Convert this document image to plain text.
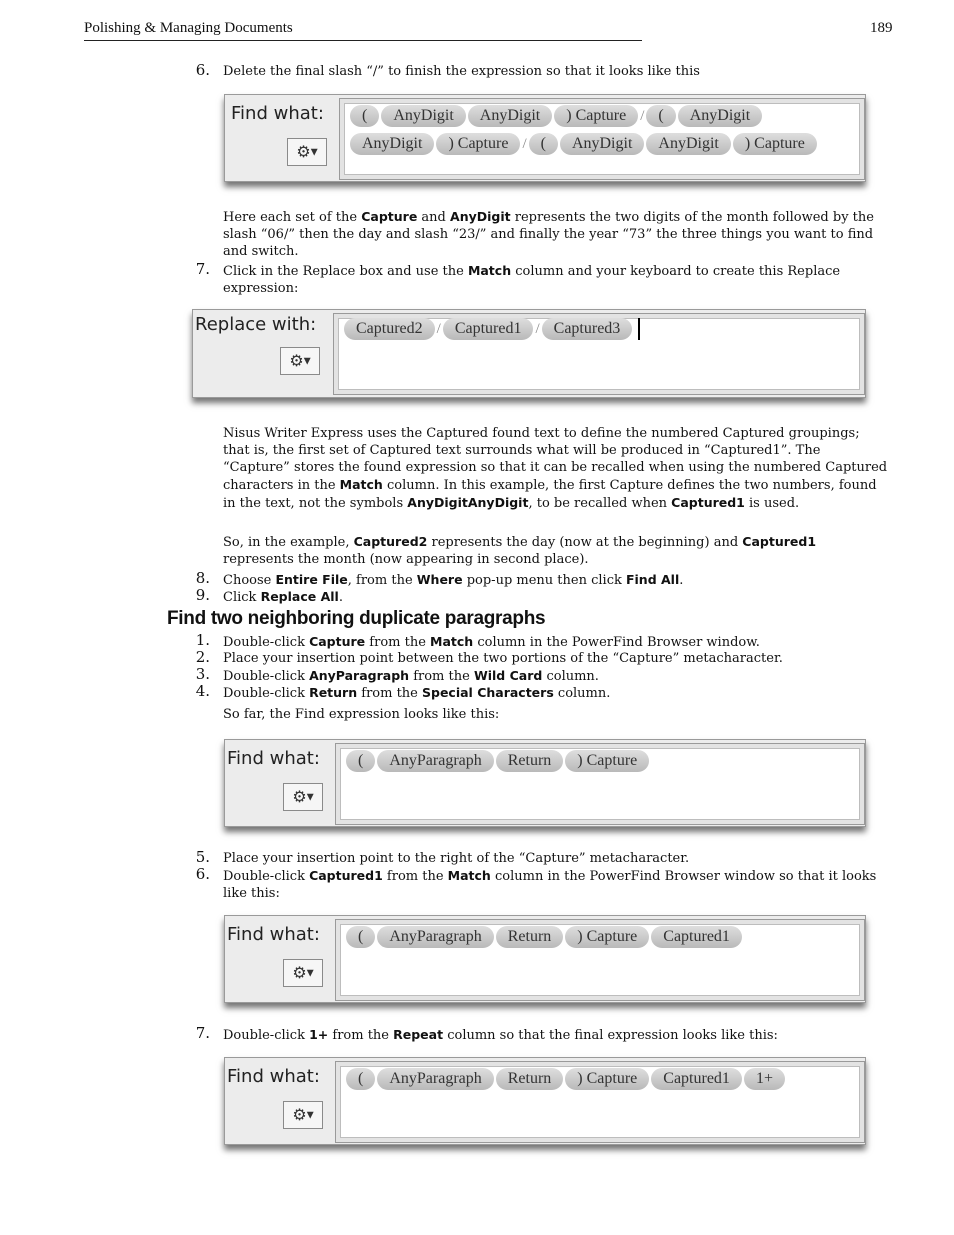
Polishing & Managing Documents	189
6. Delete the final slash “/” to finish the expression so that it looks like this
Find what:
⚙▼
(	AnyDigit	AnyDigit	) Capture / (	AnyDigit
AnyDigit	) Capture / (	AnyDigit	AnyDigit	) Capture
Here each set of the Capture and AnyDigit represents the two digits of the month followed by the slash “06/” then the day and slash “23/” and finally the year “73” the three things you want to find and switch.
7. Click in the Replace box and use the Match column and your keyboard to create this Replace expression:
Replace with:
⚙▼
Captured2 / Captured1 / Captured3
Nisus Writer Express uses the Captured found text to define the numbered Captured groupings; that is, the first set of Captured text surrounds what will be produced in “Captured1”. The “Capture” stores the found expression so that it can be recalled when using the numbered Captured characters in the Match column. In this example, the first Capture defines the two numbers, found in the text, not the symbols AnyDigitAnyDigit, to be recalled when Captured1 is used.
So, in the example, Captured2 represents the day (now at the beginning) and Captured1 represents the month (now appearing in second place).
8. Choose Entire File, from the Where pop-up menu then click Find All.
9. Click Replace All.
Find two neighboring duplicate paragraphs
1. Double-click Capture from the Match column in the PowerFind Browser window.
2. Place your insertion point between the two portions of the “Capture” metacharacter.
3. Double-click AnyParagraph from the Wild Card column.
4. Double-click Return from the Special Characters column.
So far, the Find expression looks like this:
Find what:
⚙▼
(	AnyParagraph	Return	) Capture
5. Place your insertion point to the right of the “Capture” metacharacter.
6. Double-click Captured1 from the Match column in the PowerFind Browser window so that it looks like this:
Find what:
⚙▼
(	AnyParagraph	Return	) Capture	Captured1
7. Double-click 1+ from the Repeat column so that the final expression looks like this:
Find what:
⚙▼
(	AnyParagraph	Return	) Capture	Captured1	1+
